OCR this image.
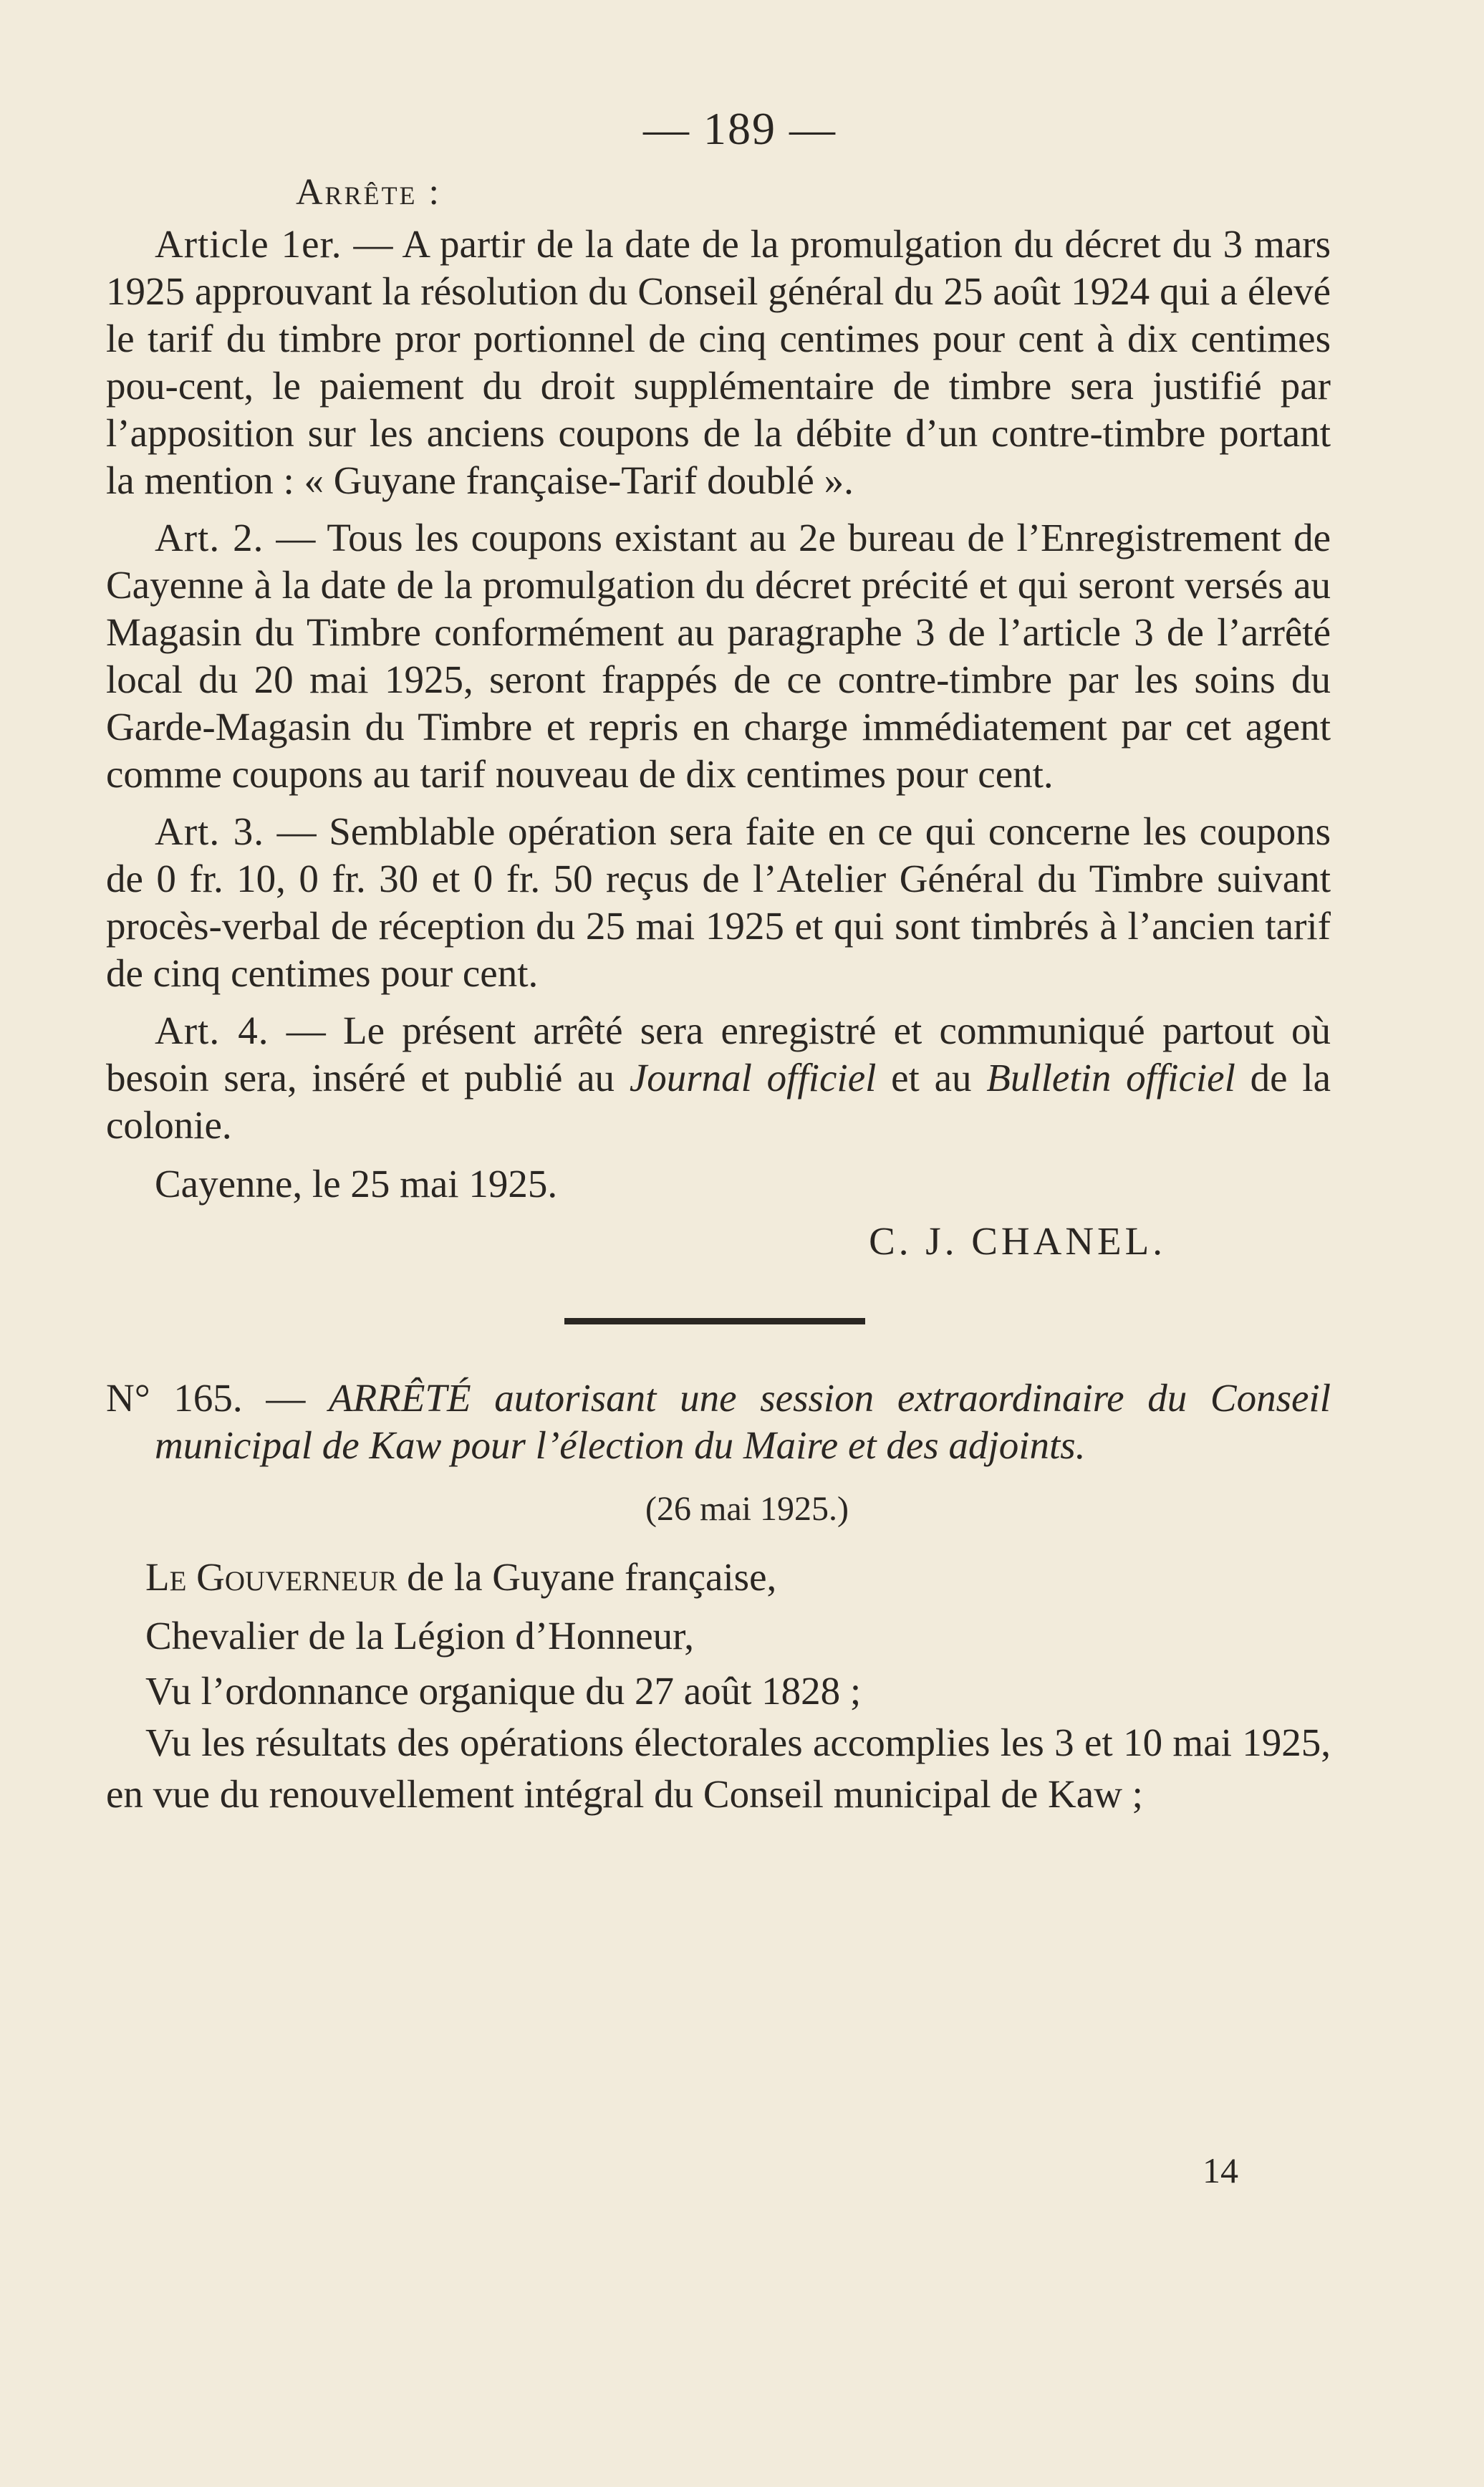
— 189 —
Arrête :

Article 1er. — A partir de la date de la promulgation du décret du 3 mars 1925 approuvant la résolution du Conseil général du 25 août 1924 qui a élevé le tarif du timbre pror portionnel de cinq centimes pour cent à dix centimes pou-cent, le paiement du droit supplémentaire de timbre sera justifié par l’apposition sur les anciens coupons de la débite d’un contre-timbre portant la mention : « Guyane française-Tarif doublé ».

Art. 2. — Tous les coupons existant au 2e bureau de l’Enregistrement de Cayenne à la date de la promulgation du décret précité et qui seront versés au Magasin du Timbre conformément au paragraphe 3 de l’article 3 de l’arrêté local du 20 mai 1925, seront frappés de ce contre-timbre par les soins du Garde-Magasin du Timbre et repris en charge immédiatement par cet agent comme coupons au tarif nouveau de dix centimes pour cent.

Art. 3. — Semblable opération sera faite en ce qui concerne les coupons de 0 fr. 10, 0 fr. 30 et 0 fr. 50 reçus de l’Atelier Général du Timbre suivant procès-verbal de réception du 25 mai 1925 et qui sont timbrés à l’ancien tarif de cinq centimes pour cent.

Art. 4. — Le présent arrêté sera enregistré et communiqué partout où besoin sera, inséré et publié au Journal officiel et au Bulletin officiel de la colonie.

Cayenne, le 25 mai 1925.
C. J. CHANEL.
N° 165. — ARRÊTÉ autorisant une session extraordinaire du Conseil municipal de Kaw pour l’élection du Maire et des adjoints.
(26 mai 1925.)
Le Gouverneur de la Guyane française,
Chevalier de la Légion d’Honneur,

Vu l’ordonnance organique du 27 août 1828 ;

Vu les résultats des opérations électorales accomplies les 3 et 10 mai 1925, en vue du renouvellement intégral du Conseil municipal de Kaw ;

14
